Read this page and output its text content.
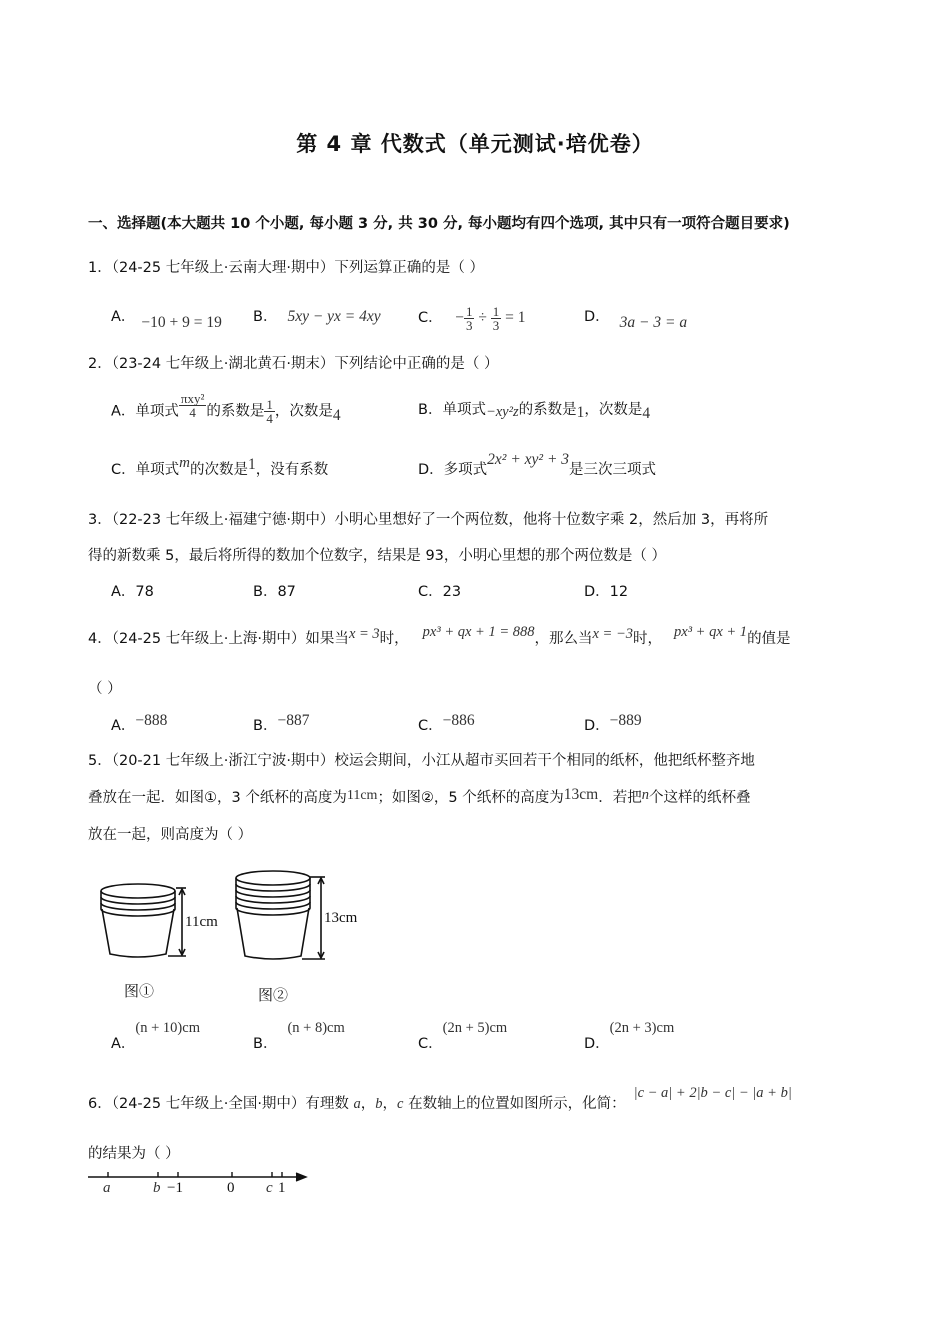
第 4 章 代数式（单元测试·培优卷）
一、选择题(本大题共 10 个小题, 每小题 3 分, 共 30 分, 每小题均有四个选项, 其中只有一项符合题目要求)
1．（24-25 七年级上·云南大理·期中）下列运算正确的是（ ）
A． −10 + 9 = 19 B． 5xy − yx = 4xy	C． − $\frac{1}{3} \div \frac{1}{3} = 1$	D． 3a − 3 = a
2．（23-24 七年级上·湖北黄石·期末）下列结论中正确的是（ ）
A．单项式 $\frac{\text{πxy²}}{4}$ 的系数是 $\frac{1}{4}$ ，次数是4	B．单项式−xy²z的系数是1，次数是4
C．单项式m的次数是1，没有系数	D．多项式2x² + xy² + 3是三次三项式
3．（22-23 七年级上·福建宁德·期中）小明心里想好了一个两位数，他将十位数字乘 2，然后加 3，再将所
得的新数乘 5，最后将所得的数加个位数字，结果是 93，小明心里想的那个两位数是（ ）
A．78	B．87	C．23	D．12
4．（24-25 七年级上·上海·期中）如果当x = 3时， px³ + qx + 1 = 888，那么当x = −3时， px³ + qx + 1的值是
（ ）
A．−888	B．−887	C．−886	D．−889
5．（20-21 七年级上·浙江宁波·期中）校运会期间，小江从超市买回若干个相同的纸杯，他把纸杯整齐地
叠放在一起．如图①，3 个纸杯的高度为11cm；如图②，5 个纸杯的高度为13cm．若把n个这样的纸杯叠
放在一起，则高度为（ ）
11cm
图①
13cm
图②
A．(n + 10)cm
B．(n + 8)cm
C．(2n + 5)cm
D．(2n + 3)cm
6．（24-25 七年级上·全国·期中）有理数 a，b，c 在数轴上的位置如图所示，化简：|c − a| + 2|b − c| − |a + b|
的结果为（ ）
a	b −1	0 c 1
